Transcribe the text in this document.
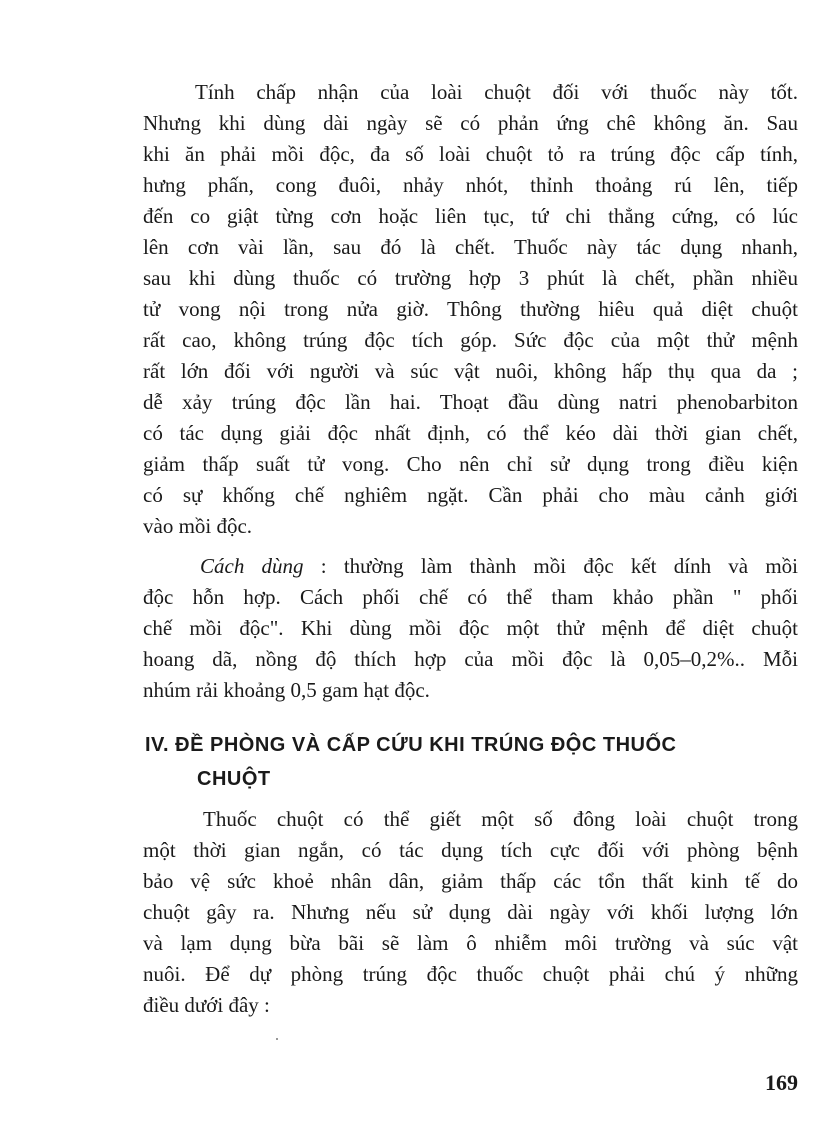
Tính chấp nhận của loài chuột đối với thuốc này tốt.
Nhưng khi dùng dài ngày sẽ có phản ứng chê không ăn. Sau
khi ăn phải mồi độc, đa số loài chuột tỏ ra trúng độc cấp tính,
hưng phấn, cong đuôi, nhảy nhót, thỉnh thoảng rú lên, tiếp
đến co giật từng cơn hoặc liên tục, tứ chi thẳng cứng, có lúc
lên cơn vài lần, sau đó là chết. Thuốc này tác dụng nhanh,
sau khi dùng thuốc có trường hợp 3 phút là chết, phần nhiều
tử vong nội trong nửa giờ. Thông thường hiêu quả diệt chuột
rất cao, không trúng độc tích góp. Sức độc của một thử mệnh
rất lớn đối với người và súc vật nuôi, không hấp thụ qua da ;
dễ xảy trúng độc lần hai. Thoạt đầu dùng natri phenobarbiton
có tác dụng giải độc nhất định, có thể kéo dài thời gian chết,
giảm thấp suất tử vong. Cho nên chỉ sử dụng trong điều kiện
có sự khống chế nghiêm ngặt. Cần phải cho màu cảnh giới
vào mồi độc.
Cách dùng : thường làm thành mồi độc kết dính và mồi
độc hỗn hợp. Cách phối chế có thể tham khảo phần " phối
chế mồi độc". Khi dùng mồi độc một thử mệnh để diệt chuột
hoang dã, nồng độ thích hợp của mồi độc là 0,05–0,2%.. Mỗi
nhúm rải khoảng 0,5 gam hạt độc.
IV. ĐỀ PHÒNG VÀ CẤP CỨU KHI TRÚNG ĐỘC THUỐC
CHUỘT
Thuốc chuột có thể giết một số đông loài chuột trong
một thời gian ngắn, có tác dụng tích cực đối với phòng bệnh
bảo vệ sức khoẻ nhân dân, giảm thấp các tổn thất kinh tế do
chuột gây ra. Nhưng nếu sử dụng dài ngày với khối lượng lớn
và lạm dụng bừa bãi sẽ làm ô nhiễm môi trường và súc vật
nuôi. Để dự phòng trúng độc thuốc chuột phải chú ý những
điều dưới đây :
169
